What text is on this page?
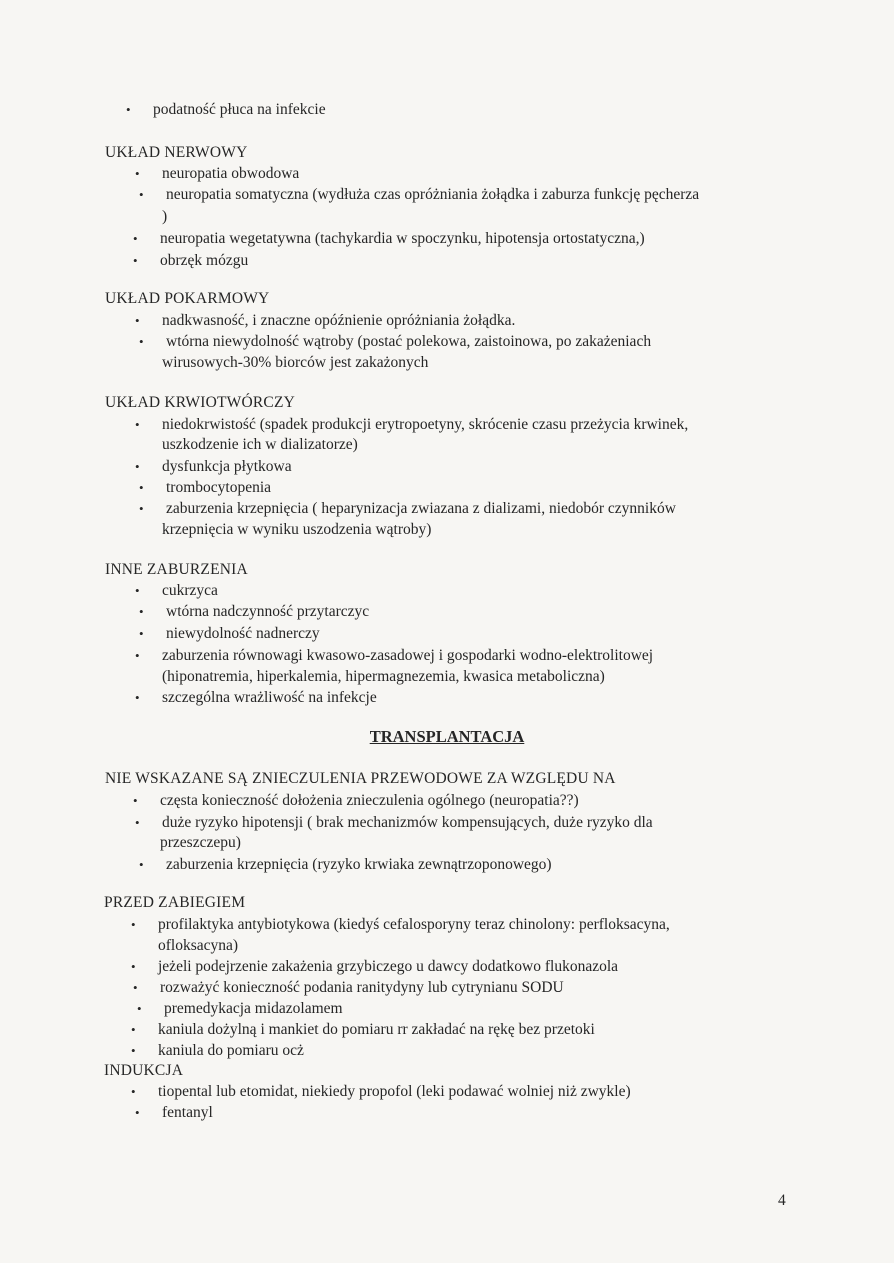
• podatność płuca na infekcie
UKŁAD NERWOWY
• neuropatia obwodowa
• neuropatia somatyczna (wydłuża czas opróżniania żołądka i zaburza funkcję pęcherza
)
• neuropatia wegetatywna (tachykardia w spoczynku, hipotensja ortostatyczna,)
• obrzęk mózgu
UKŁAD POKARMOWY
• nadkwasność, i znaczne opóźnienie opróżniania żołądka.
• wtórna niewydolność wątroby (postać polekowa, zaistoinowa, po zakażeniach
wirusowych-30% biorców jest zakażonych
UKŁAD KRWIOTWÓRCZY
• niedokrwistość (spadek produkcji erytropoetyny, skrócenie czasu przeżycia krwinek,
uszkodzenie ich w dializatorze)
• dysfunkcja płytkowa
• trombocytopenia
• zaburzenia krzepnięcia ( heparynizacja zwiazana z dializami, niedobór czynników
krzepnięcia w wyniku uszodzenia wątroby)
INNE ZABURZENIA
• cukrzyca
• wtórna nadczynność przytarczyc
• niewydolność nadnerczy
• zaburzenia równowagi kwasowo-zasadowej i gospodarki wodno-elektrolitowej
(hiponatremia, hiperkalemia, hipermagnezemia, kwasica metaboliczna)
• szczególna wrażliwość na infekcje
TRANSPLANTACJA
NIE WSKAZANE SĄ ZNIECZULENIA PRZEWODOWE ZA WZGLĘDU NA
• częsta konieczność dołożenia znieczulenia ogólnego (neuropatia??)
• duże ryzyko hipotensji ( brak mechanizmów kompensujących, duże ryzyko dla
przeszczepu)
• zaburzenia krzepnięcia (ryzyko krwiaka zewnątrzoponowego)
PRZED ZABIEGIEM
• profilaktyka antybiotykowa (kiedyś cefalosporyny teraz chinolony: perfloksacyna,
ofloksacyna)
• jeżeli podejrzenie zakażenia grzybiczego u dawcy dodatkowo flukonazola
• rozważyć konieczność podania ranitydyny lub cytrynianu SODU
• premedykacja midazolamem
• kaniula dożylną i mankiet do pomiaru rr zakładać na rękę bez przetoki
• kaniula do pomiaru ocż
INDUKCJA
• tiopental lub etomidat, niekiedy propofol (leki podawać wolniej niż zwykle)
• fentanyl
4
